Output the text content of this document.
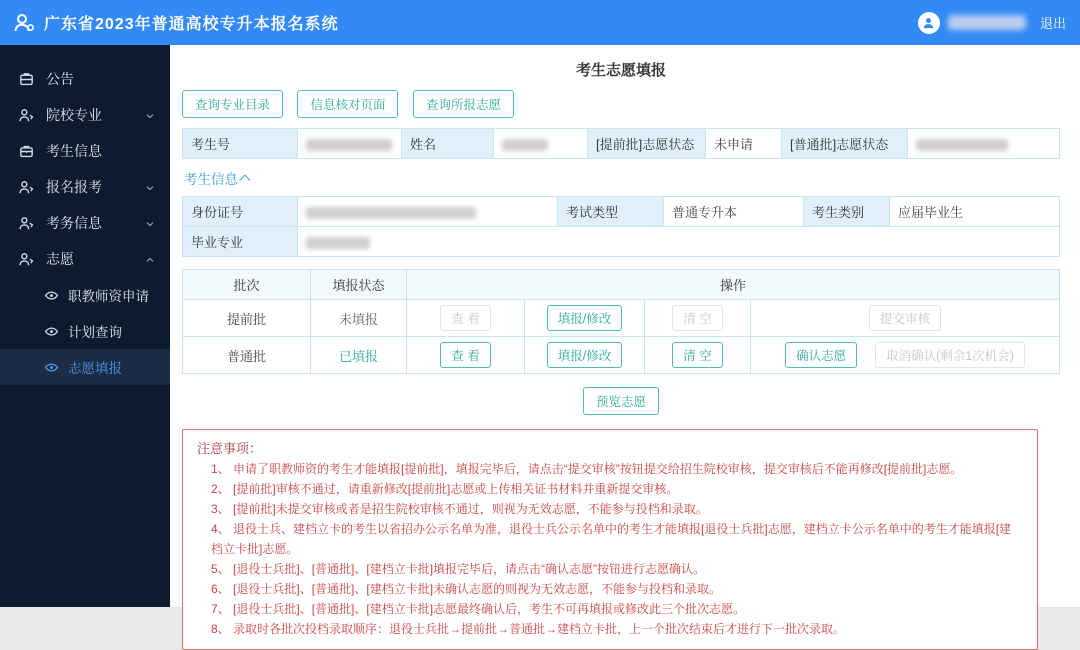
广东省2023年普通高校专升本报名系统	退出
公告
院校专业
考生信息
报名报考
考务信息
志愿
职教师资申请
计划查询
志愿填报
考生志愿填报
查询专业目录	信息核对页面	查询所报志愿
考生号		姓名		[提前批]志愿状态	未申请	[普通批]志愿状态	
考生信息
身份证号		考试类型	普通专升本	考生类别	应届毕业生
毕业专业					
批次	填报状态	操作			
提前批	未填报	查 看	填报/修改	清 空	提交审核
普通批	已填报	查 看	填报/修改	清 空	确认志愿 取消确认(剩余1次机会)
预览志愿
注意事项：
申请了职教师资的考生才能填报[提前批]，填报完毕后，请点击“提交审核”按钮提交给招生院校审核，提交审核后不能再修改[提前批]志愿。
[提前批]审核不通过，请重新修改[提前批]志愿或上传相关证书材料并重新提交审核。
[提前批]未提交审核或者是招生院校审核不通过，则视为无效志愿，不能参与投档和录取。
退役士兵、建档立卡的考生以省招办公示名单为准，退役士兵公示名单中的考生才能填报[退役士兵批]志愿，建档立卡公示名单中的考生才能填报[建档立卡批]志愿。
[退役士兵批]、[普通批]、[建档立卡批]填报完毕后，请点击“确认志愿”按钮进行志愿确认。
[退役士兵批]、[普通批]、[建档立卡批]未确认志愿的则视为无效志愿，不能参与投档和录取。
[退役士兵批]、[普通批]、[建档立卡批]志愿最终确认后，考生不可再填报或修改此三个批次志愿。
录取时各批次投档录取顺序：退役士兵批→提前批→普通批→建档立卡批，上一个批次结束后才进行下一批次录取。
